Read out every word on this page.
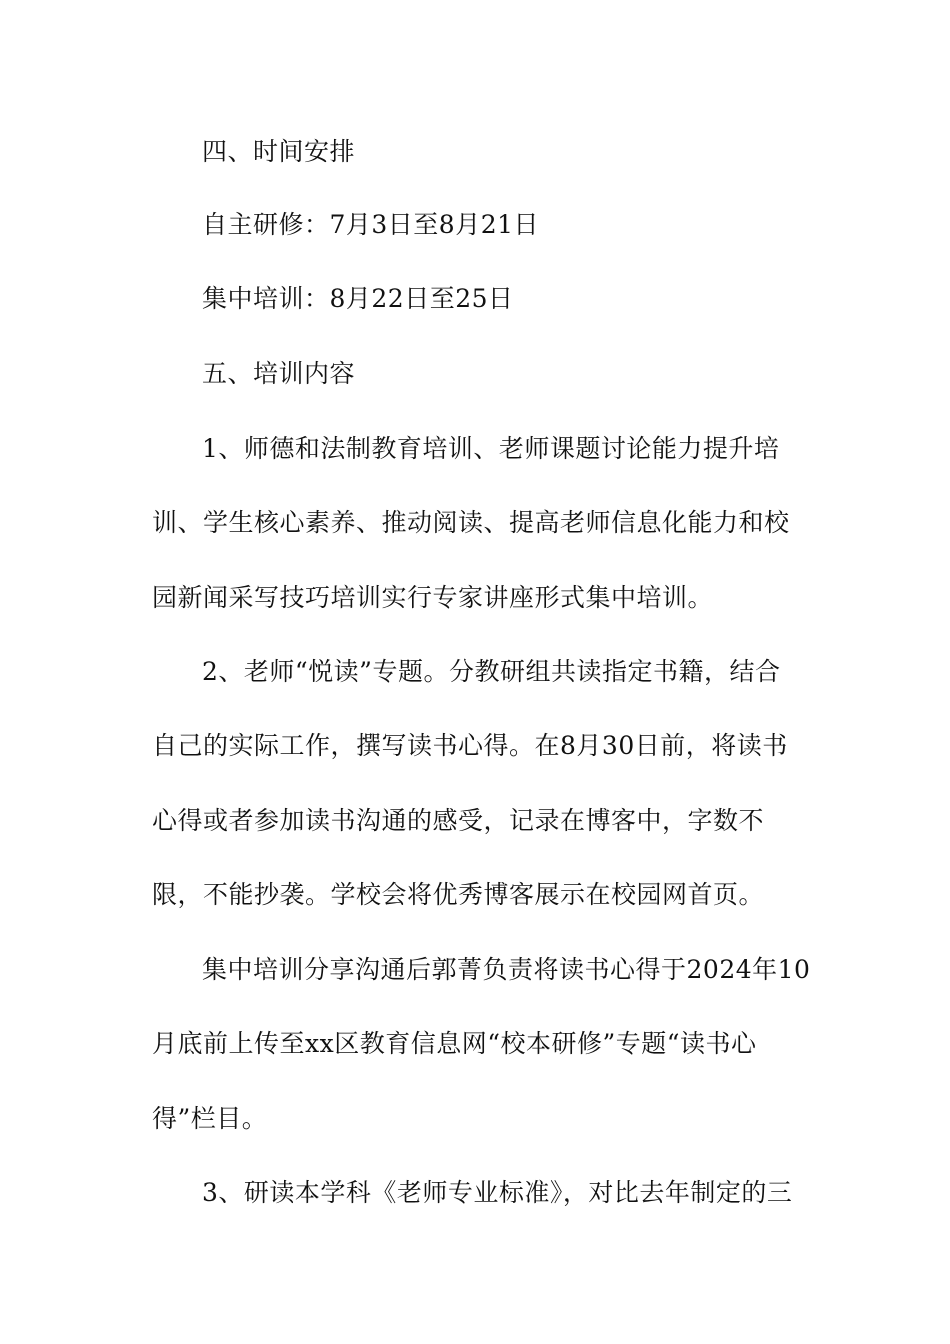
四、时间安排

自主研修：7月3日至8月21日

集中培训：8月22日至25日

五、培训内容

1、师德和法制教育培训、老师课题讨论能力提升培

训、学生核心素养、推动阅读、提高老师信息化能力和校

园新闻采写技巧培训实行专家讲座形式集中培训。

2、老师“悦读”专题。分教研组共读指定书籍，结合

自己的实际工作，撰写读书心得。在8月30日前，将读书

心得或者参加读书沟通的感受，记录在博客中，字数不

限，不能抄袭。学校会将优秀博客展示在校园网首页。

集中培训分享沟通后郭菁负责将读书心得于2024年10

月底前上传至xx区教育信息网“校本研修”专题“读书心

得”栏目。

3、研读本学科《老师专业标准》，对比去年制定的三
